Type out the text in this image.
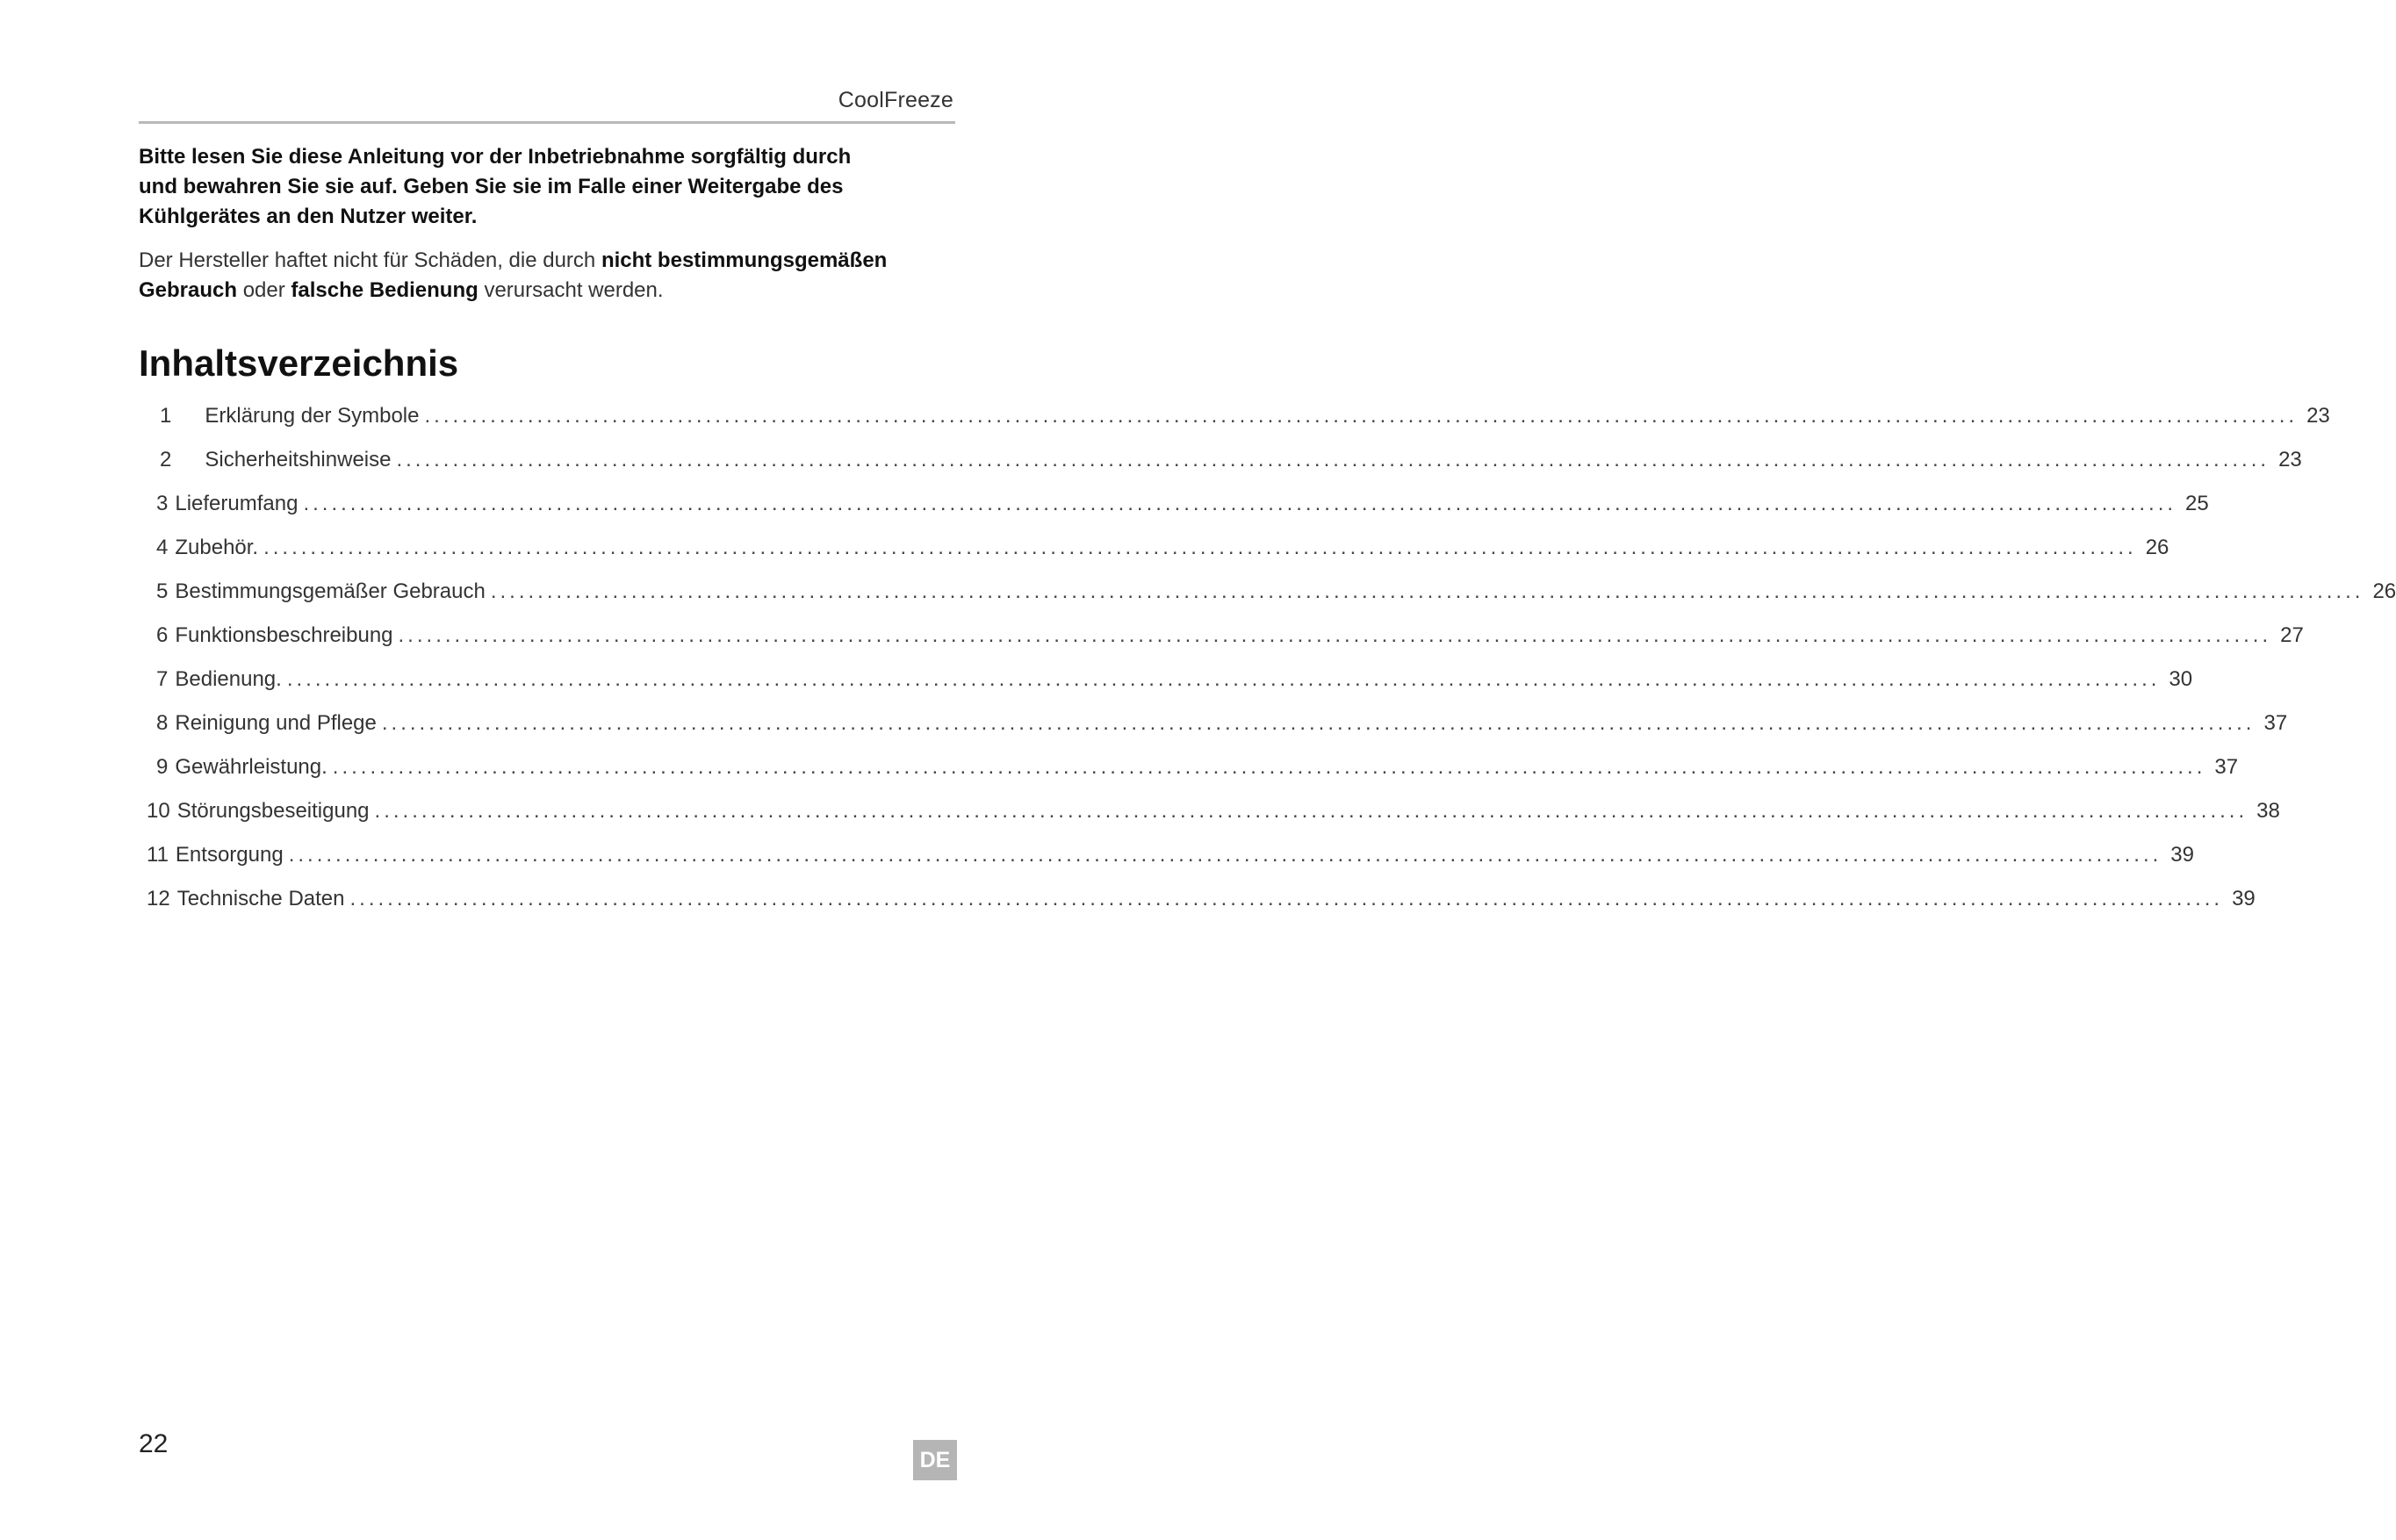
CoolFreeze

Bitte lesen Sie diese Anleitung vor der Inbetriebnahme sorgfältig durch

und bewahren Sie sie auf. Geben Sie sie im Falle einer Weitergabe des

Kühlgerätes an den Nutzer weiter.

Der Hersteller haftet nicht für Schäden, die durch nicht bestimmungsgemäßen Gebrauch oder falsche Bedienung verursacht werden.
Inhaltsverzeichnis
1 Erklärung der Symbole ........................................................................................................................................................................................................ 23
2 Sicherheitshinweise ........................................................................................................................................................................................................ 23
3 Lieferumfang ........................................................................................................................................................................................................ 25
4 Zubehör. ........................................................................................................................................................................................................ 26
5 Bestimmungsgemäßer Gebrauch ........................................................................................................................................................................................................ 26
6 Funktionsbeschreibung ........................................................................................................................................................................................................ 27
7 Bedienung. ........................................................................................................................................................................................................ 30
8 Reinigung und Pflege ........................................................................................................................................................................................................ 37
9 Gewährleistung. ........................................................................................................................................................................................................ 37
10 Störungsbeseitigung ........................................................................................................................................................................................................ 38
11 Entsorgung ........................................................................................................................................................................................................ 39
12 Technische Daten ........................................................................................................................................................................................................ 39
22
DE
